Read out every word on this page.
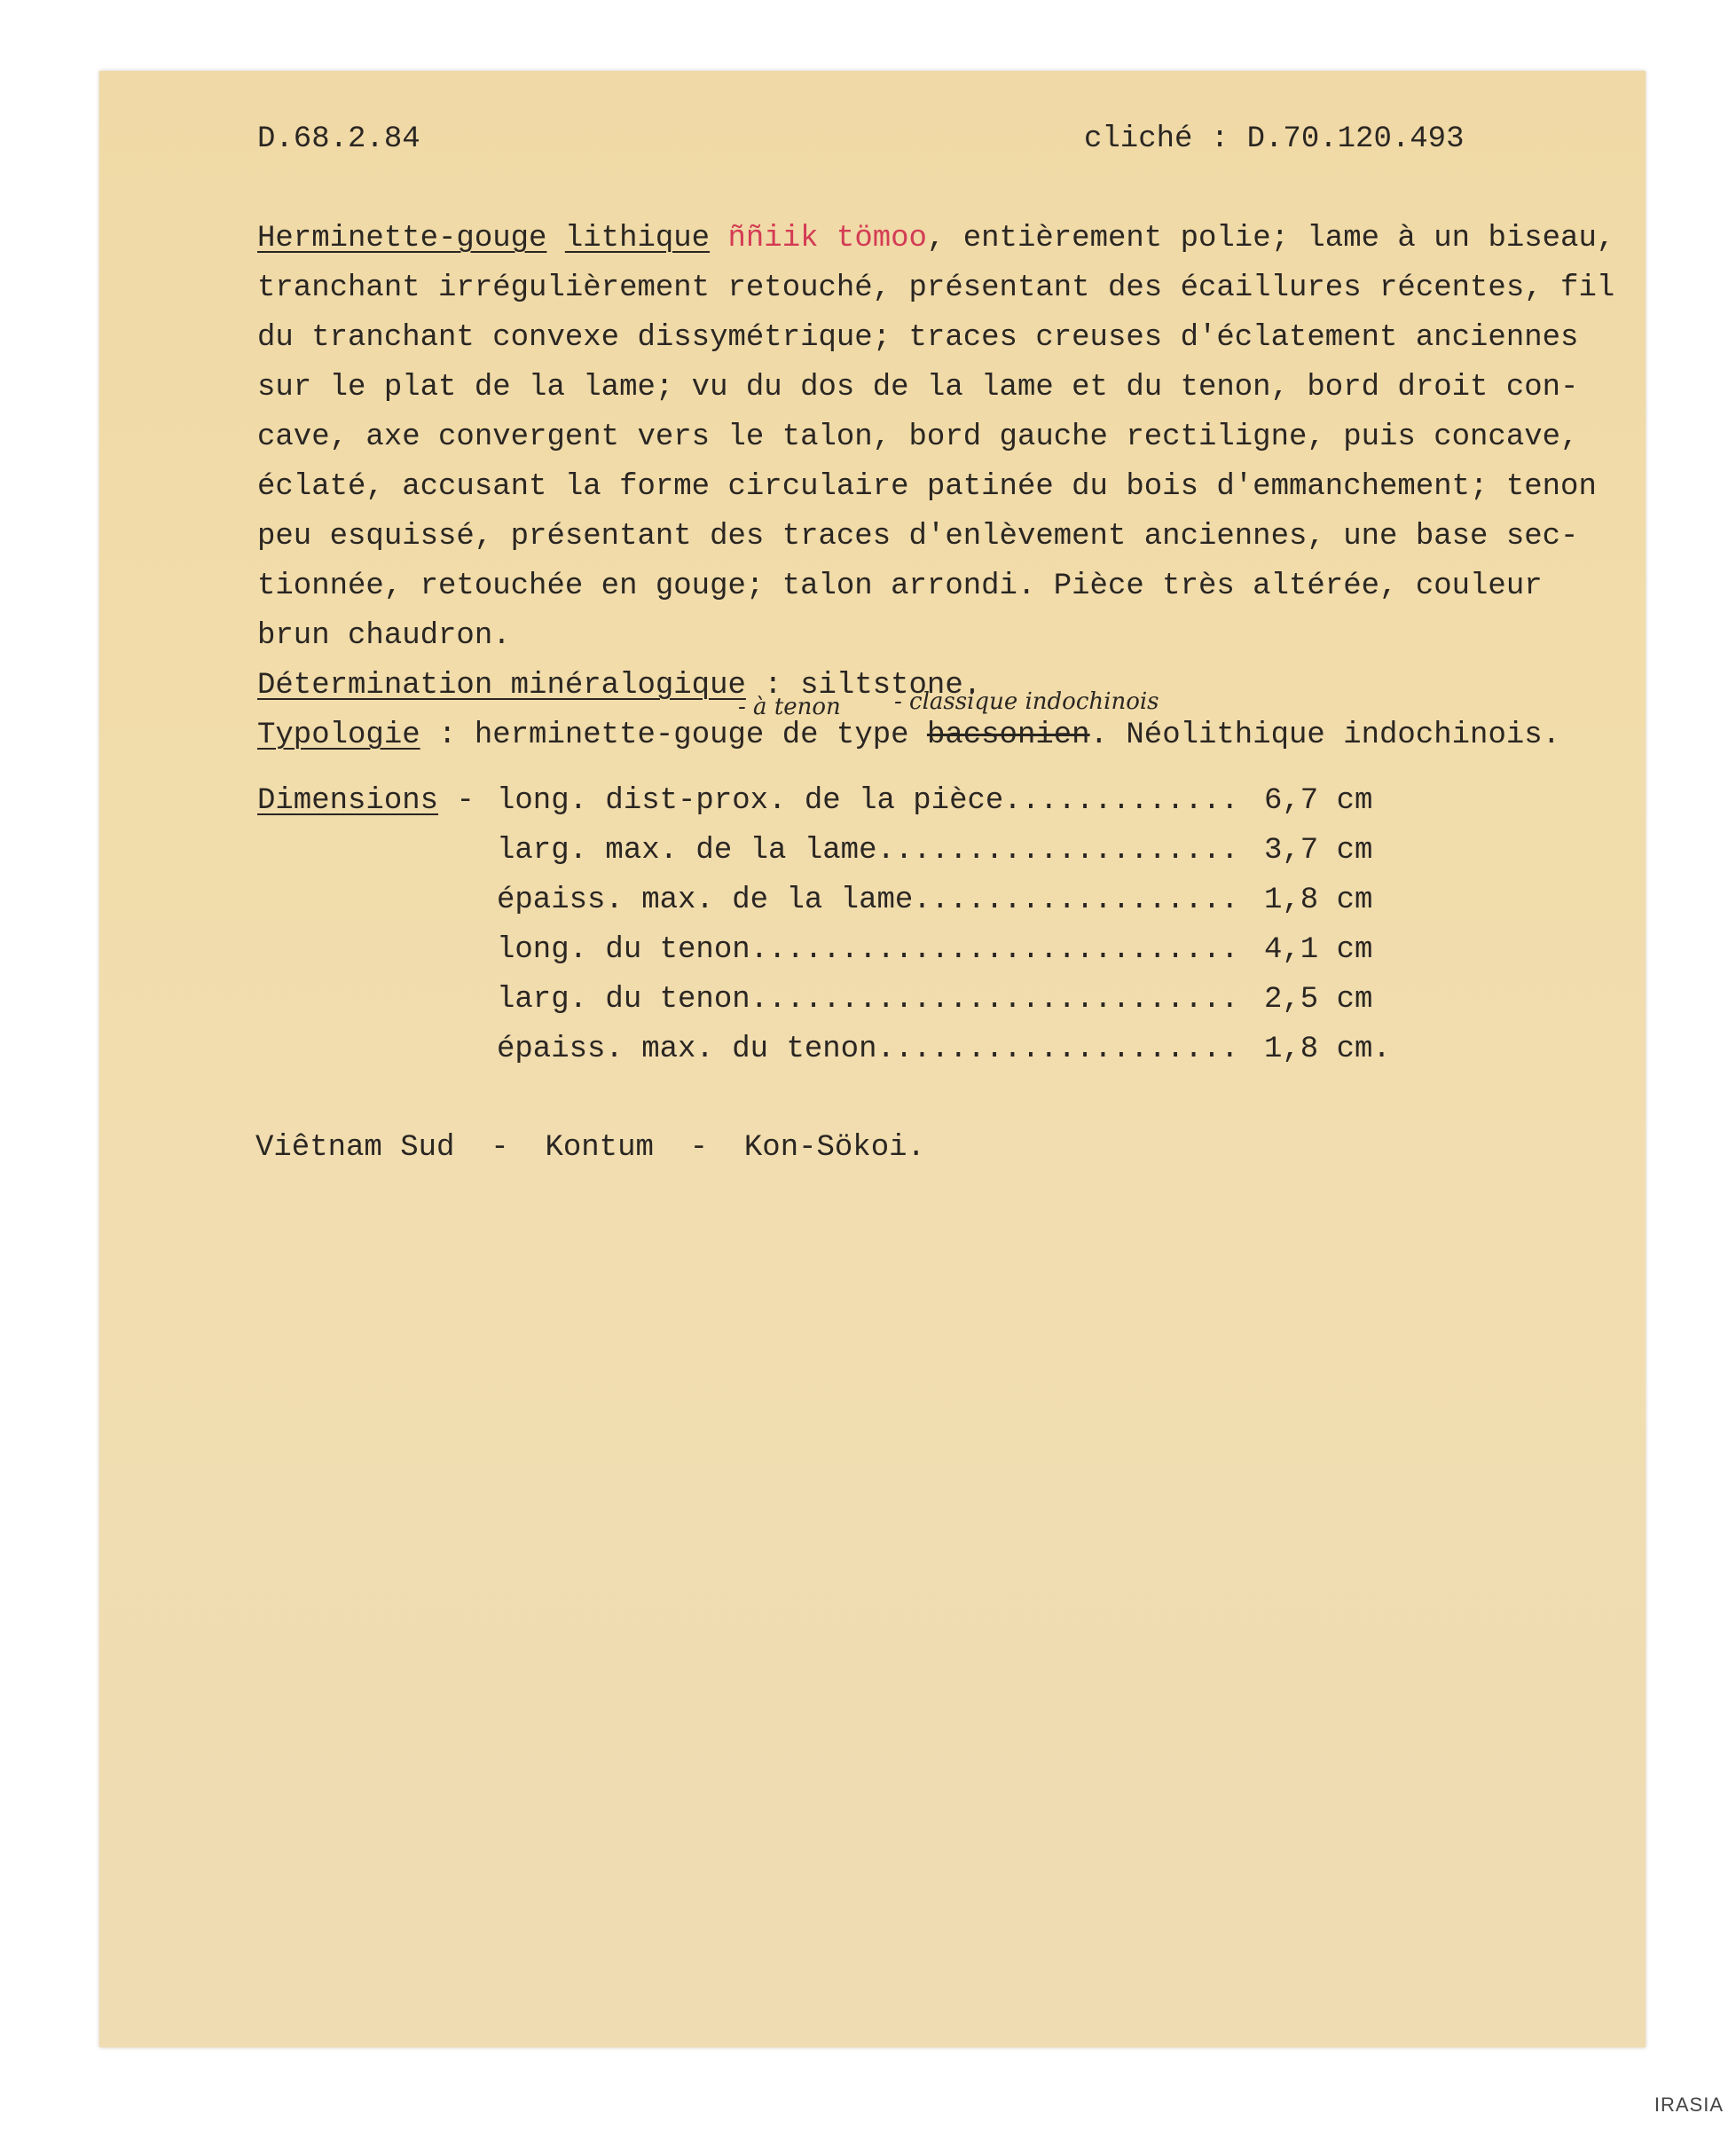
D.68.2.84	cliché : D.70.120.493
Herminette-gouge lithique ññiik tömoo, entièrement polie; lame à un biseau,
tranchant irrégulièrement retouché, présentant des écaillures récentes, fil
du tranchant convexe dissymétrique; traces creuses d'éclatement anciennes
sur le plat de la lame; vu du dos de la lame et du tenon, bord droit con-
cave, axe convergent vers le talon, bord gauche rectiligne, puis concave,
éclaté, accusant la forme circulaire patinée du bois d'emmanchement; tenon
peu esquissé, présentant des traces d'enlèvement anciennes, une base sec-
tionnée, retouchée en gouge; talon arrondi. Pièce très altérée, couleur
brun chaudron.
Détermination minéralogique : siltstone.
- à tenon - classique indochinois
Typologie : herminette-gouge de type bacsonien. Néolithique indochinois.
Dimensions - long. dist-prox. de la pièce............. 6,7 cm
larg. max. de la lame.................... 3,7 cm
épaiss. max. de la lame.................. 1,8 cm
long. du tenon........................... 4,1 cm
larg. du tenon........................... 2,5 cm
épaiss. max. du tenon.................... 1,8 cm.
Viêtnam Sud  -  Kontum  -  Kon-Sökoi.
IRASIA
